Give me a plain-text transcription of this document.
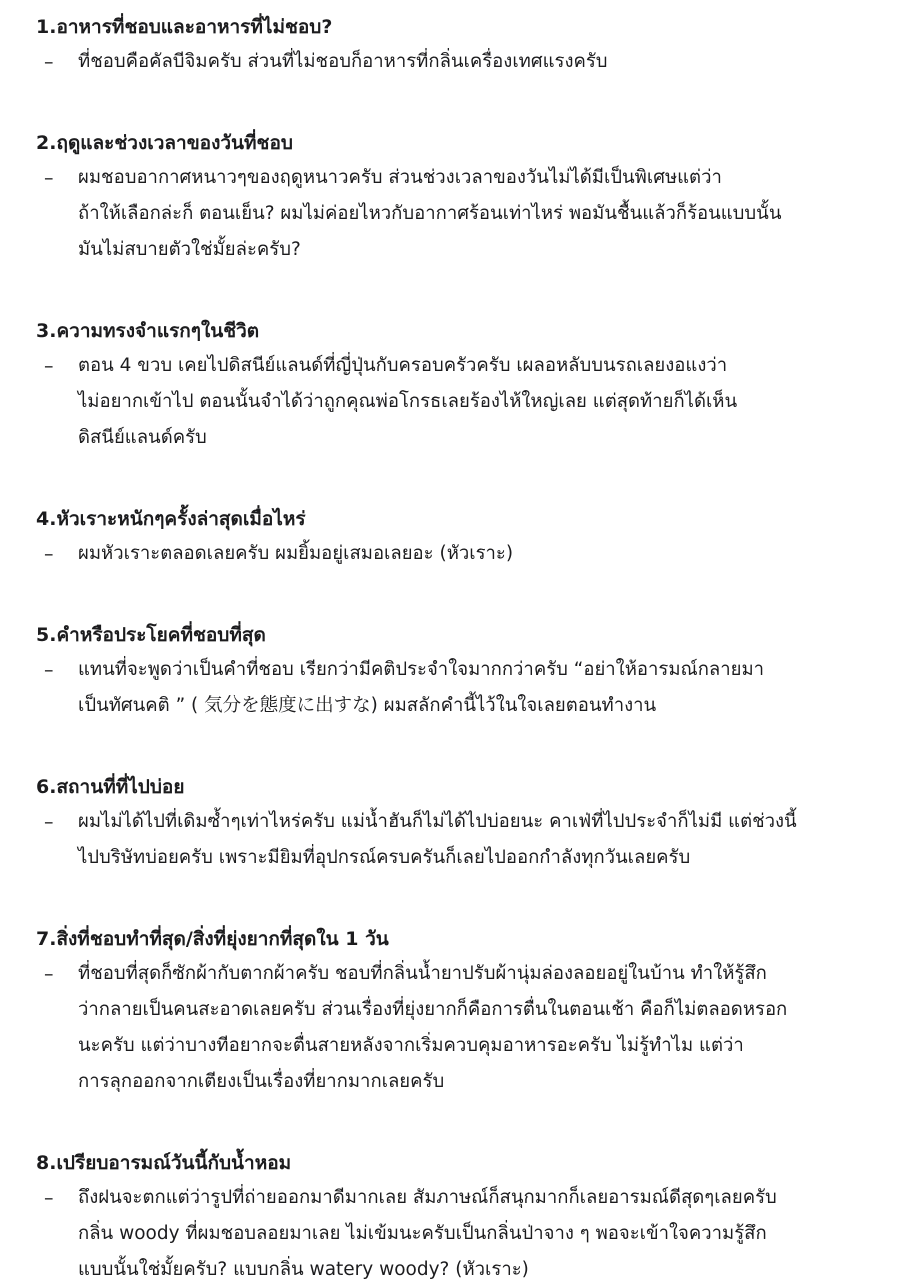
1.อาหารที่ชอบและอาหารที่ไม่ชอบ?

– ที่ชอบคือคัลบีจิมครับ ส่วนที่ไม่ชอบก็อาหารที่กลิ่นเครื่องเทศแรงครับ

2.ฤดูและช่วงเวลาของวันที่ชอบ

– ผมชอบอากาศหนาวๆของฤดูหนาวครับ ส่วนช่วงเวลาของวันไม่ได้มีเป็นพิเศษแต่ว่า
ถ้าให้เลือกล่ะก็ ตอนเย็น? ผมไม่ค่อยไหวกับอากาศร้อนเท่าไหร่ พอมันชื้นแล้วก็ร้อนแบบนั้น
มันไม่สบายตัวใช่มั้ยล่ะครับ?

3.ความทรงจำแรกๆในชีวิต

– ตอน 4 ขวบ เคยไปดิสนีย์แลนด์ที่ญี่ปุ่นกับครอบครัวครับ เผลอหลับบนรถเลยงอแงว่า
ไม่อยากเข้าไป ตอนนั้นจำได้ว่าถูกคุณพ่อโกรธเลยร้องไห้ใหญ่เลย แต่สุดท้ายก็ได้เห็น
ดิสนีย์แลนด์ครับ

4.หัวเราะหนักๆครั้งล่าสุดเมื่อไหร่

– ผมหัวเราะตลอดเลยครับ ผมยิ้มอยู่เสมอเลยอะ (หัวเราะ)

5.คำหรือประโยคที่ชอบที่สุด

– แทนที่จะพูดว่าเป็นคำที่ชอบ เรียกว่ามีคติประจำใจมากกว่าครับ “อย่าให้อารมณ์กลายมา
เป็นทัศนคติ ” ( 気分を態度に出すな) ผมสลักคำนี้ไว้ในใจเลยตอนทำงาน

6.สถานที่ที่ไปบ่อย

– ผมไม่ได้ไปที่เดิมซ้ำๆเท่าไหร่ครับ แม่น้ำฮันก็ไม่ได้ไปบ่อยนะ คาเฟ่ที่ไปประจำก็ไม่มี แต่ช่วงนี้
ไปบริษัทบ่อยครับ เพราะมียิมที่อุปกรณ์ครบครันก็เลยไปออกกำลังทุกวันเลยครับ

7.สิ่งที่ชอบทำที่สุด/สิ่งที่ยุ่งยากที่สุดใน 1 วัน

– ที่ชอบที่สุดก็ซักผ้ากับตากผ้าครับ ชอบที่กลิ่นน้ำยาปรับผ้านุ่มล่องลอยอยู่ในบ้าน ทำให้รู้สึก
ว่ากลายเป็นคนสะอาดเลยครับ ส่วนเรื่องที่ยุ่งยากก็คือการตื่นในตอนเช้า คือก็ไม่ตลอดหรอก
นะครับ แต่ว่าบางทีอยากจะตื่นสายหลังจากเริ่มควบคุมอาหารอะครับ ไม่รู้ทำไม แต่ว่า
การลุกออกจากเตียงเป็นเรื่องที่ยากมากเลยครับ

8.เปรียบอารมณ์วันนี้กับน้ำหอม

– ถึงฝนจะตกแต่ว่ารูปที่ถ่ายออกมาดีมากเลย สัมภาษณ์ก็สนุกมากก็เลยอารมณ์ดีสุดๆเลยครับ
กลิ่น woody ที่ผมชอบลอยมาเลย ไม่เข้มนะครับเป็นกลิ่นป่าจาง ๆ พอจะเข้าใจความรู้สึก
แบบนั้นใช่มั้ยครับ? แบบกลิ่น watery woody? (หัวเราะ)
